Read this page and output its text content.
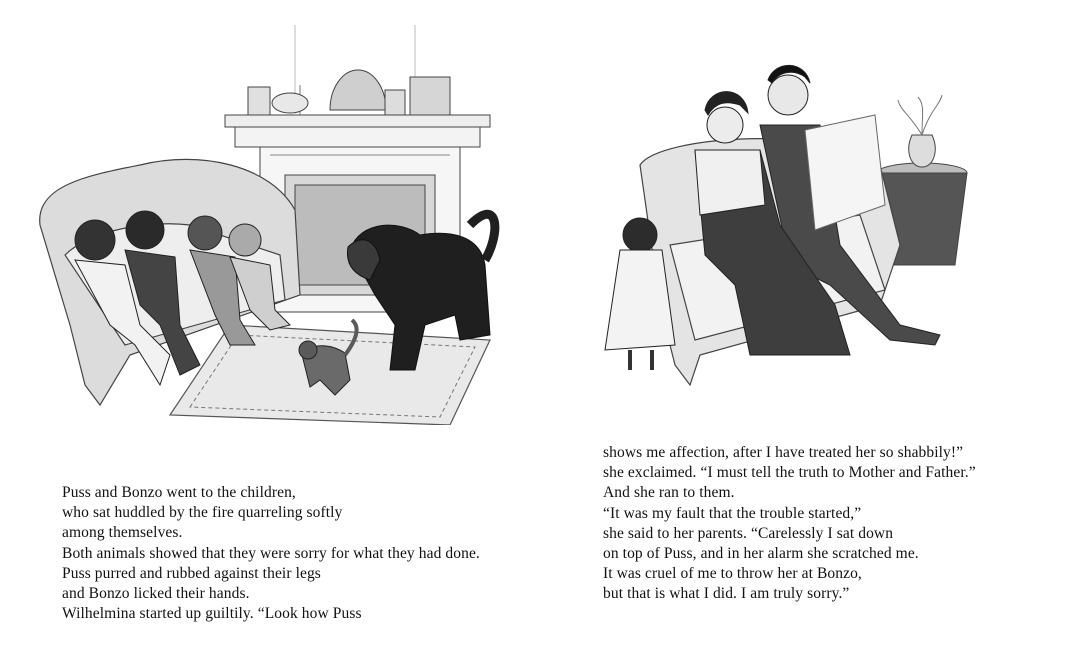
Puss and Bonzo went to the children,
who sat huddled by the fire quarreling softly
among themselves.
Both animals showed that they were sorry for what they had done.
Puss purred and rubbed against their legs
and Bonzo licked their hands.
Wilhelmina started up guiltily. “Look how Puss
shows me affection, after I have treated her so shabbily!”
she exclaimed. “I must tell the truth to Mother and Father.”
And she ran to them.
“It was my fault that the trouble started,”
she said to her parents. “Carelessly I sat down
on top of Puss, and in her alarm she scratched me.
It was cruel of me to throw her at Bonzo,
but that is what I did. I am truly sorry.”
